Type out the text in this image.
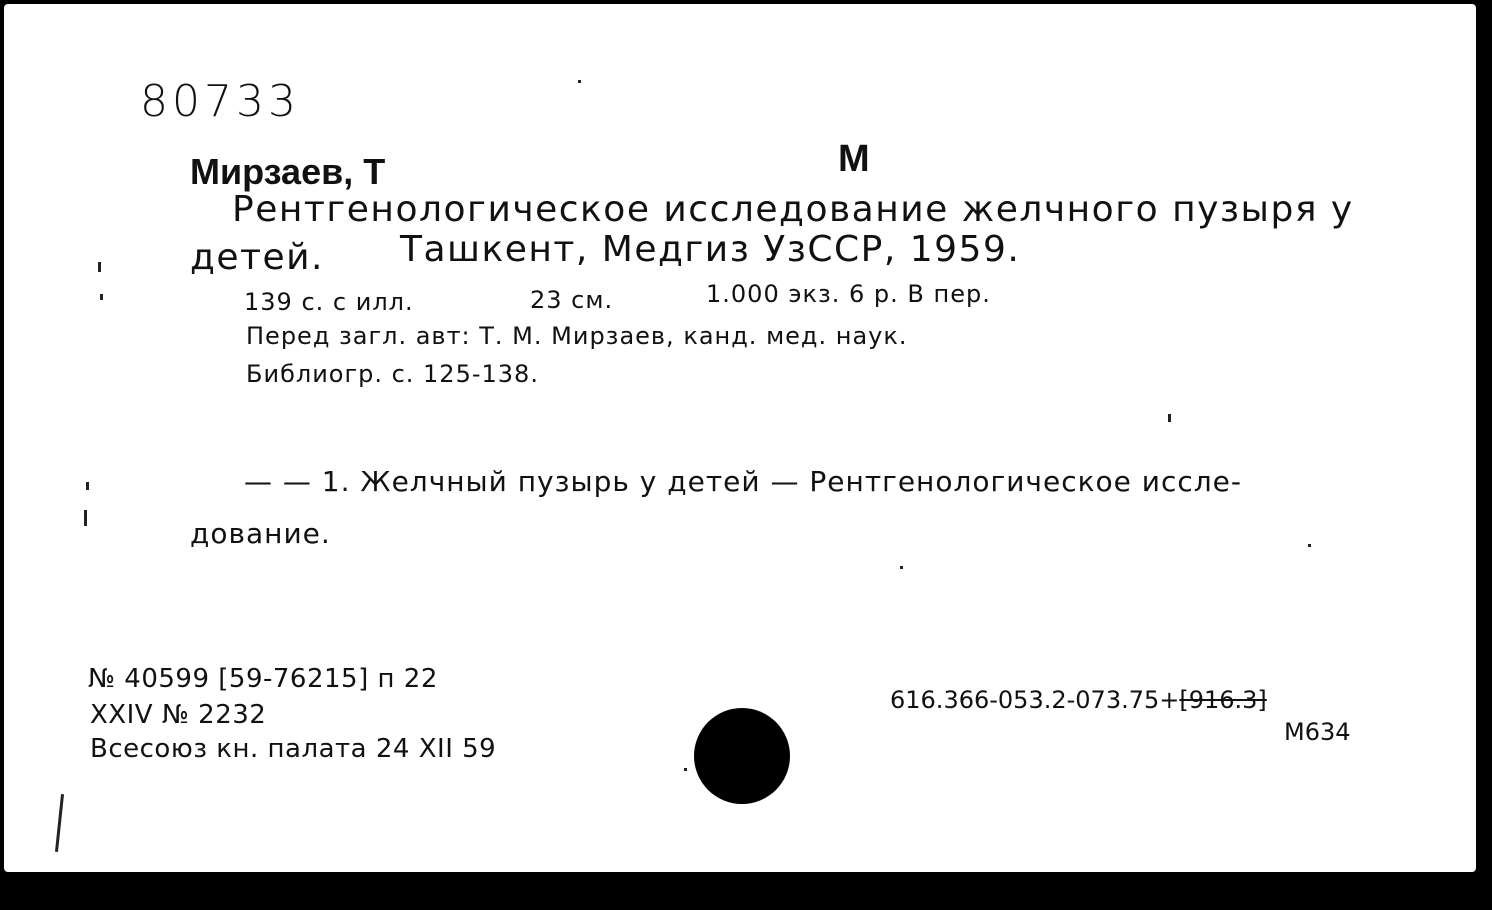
80733
Мирзаев, Т	М
Рентгенологическое исследование желчного пузыря у
детей. Ташкент, Медгиз УзССР, 1959.
139 с. с илл.	23 см.	1.000 экз. 6 р. В пер.
Перед загл. авт: Т. М. Мирзаев, канд. мед. наук.
Библиогр. с. 125-138.
— — 1. Желчный пузырь у детей — Рентгенологическое иссле-
дование.
№ 40599 [59-76215] п 22
XXIV № 2232
Всесоюз кн. палата 24 XII 59
616.366-053.2-073.75+[916.3]
М634
